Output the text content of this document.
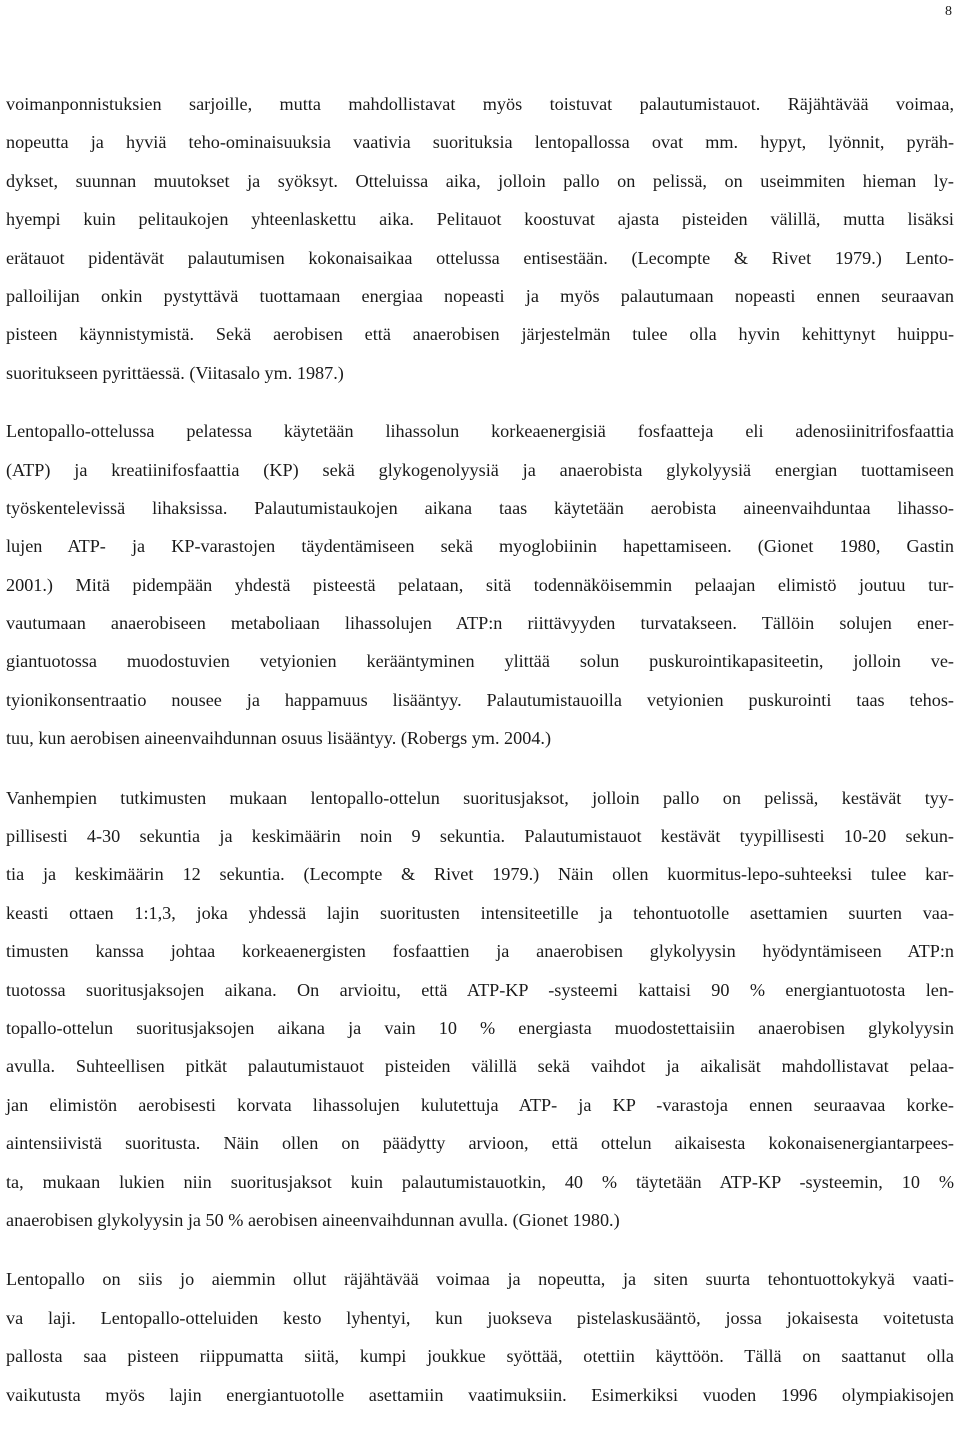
8

voimanponnistuksien sarjoille, mutta mahdollistavat myös toistuvat palautumistauot. Räjähtävää voimaa,
nopeutta ja hyviä teho-ominaisuuksia vaativia suorituksia lentopallossa ovat mm. hypyt, lyönnit, pyräh-
dykset, suunnan muutokset ja syöksyt. Otteluissa aika, jolloin pallo on pelissä, on useimmiten hieman ly-
hyempi kuin pelitaukojen yhteenlaskettu aika. Pelitauot koostuvat ajasta pisteiden välillä, mutta lisäksi
erätauot pidentävät palautumisen kokonaisaikaa ottelussa entisestään. (Lecompte & Rivet 1979.) Lento-
palloilijan onkin pystyttävä tuottamaan energiaa nopeasti ja myös palautumaan nopeasti ennen seuraavan
pisteen käynnistymistä. Sekä aerobisen että anaerobisen järjestelmän tulee olla hyvin kehittynyt huippu-
suoritukseen pyrittäessä. (Viitasalo ym. 1987.)

Lentopallo-ottelussa pelatessa käytetään lihassolun korkeaenergisiä fosfaatteja eli adenosiinitrifosfaattia
(ATP) ja kreatiinifosfaattia (KP) sekä glykogenolyysiä ja anaerobista glykolyysiä energian tuottamiseen
työskentelevissä lihaksissa. Palautumistaukojen aikana taas käytetään aerobista aineenvaihduntaa lihasso-
lujen ATP- ja KP-varastojen täydentämiseen sekä myoglobiinin hapettamiseen. (Gionet 1980, Gastin
2001.) Mitä pidempään yhdestä pisteestä pelataan, sitä todennäköisemmin pelaajan elimistö joutuu tur-
vautumaan anaerobiseen metaboliaan lihassolujen ATP:n riittävyyden turvatakseen. Tällöin solujen ener-
giantuotossa muodostuvien vetyionien kerääntyminen ylittää solun puskurointikapasiteetin, jolloin ve-
tyionikonsentraatio nousee ja happamuus lisääntyy. Palautumistauoilla vetyionien puskurointi taas tehos-
tuu, kun aerobisen aineenvaihdunnan osuus lisääntyy. (Robergs ym. 2004.)

Vanhempien tutkimusten mukaan lentopallo-ottelun suoritusjaksot, jolloin pallo on pelissä, kestävät tyy-
pillisesti 4-30 sekuntia ja keskimäärin noin 9 sekuntia. Palautumistauot kestävät tyypillisesti 10-20 sekun-
tia ja keskimäärin 12 sekuntia. (Lecompte & Rivet 1979.) Näin ollen kuormitus-lepo-suhteeksi tulee kar-
keasti ottaen 1:1,3, joka yhdessä lajin suoritusten intensiteetille ja tehontuotolle asettamien suurten vaa-
timusten kanssa johtaa korkeaenergisten fosfaattien ja anaerobisen glykolyysin hyödyntämiseen ATP:n
tuotossa suoritusjaksojen aikana. On arvioitu, että ATP-KP -systeemi kattaisi 90 % energiantuotosta len-
topallo-ottelun suoritusjaksojen aikana ja vain 10 % energiasta muodostettaisiin anaerobisen glykolyysin
avulla. Suhteellisen pitkät palautumistauot pisteiden välillä sekä vaihdot ja aikalisät mahdollistavat pelaa-
jan elimistön aerobisesti korvata lihassolujen kulutettuja ATP- ja KP -varastoja ennen seuraavaa korke-
aintensiivistä suoritusta. Näin ollen on päädytty arvioon, että ottelun aikaisesta kokonaisenergiantarpees-
ta, mukaan lukien niin suoritusjaksot kuin palautumistauotkin, 40 % täytetään ATP-KP -systeemin, 10 %
anaerobisen glykolyysin ja 50 % aerobisen aineenvaihdunnan avulla. (Gionet 1980.)

Lentopallo on siis jo aiemmin ollut räjähtävää voimaa ja nopeutta, ja siten suurta tehontuottokykyä vaati-
va laji. Lentopallo-otteluiden kesto lyhentyi, kun juokseva pistelaskusääntö, jossa jokaisesta voitetusta
pallosta saa pisteen riippumatta siitä, kumpi joukkue syöttää, otettiin käyttöön. Tällä on saattanut olla
vaikutusta myös lajin energiantuotolle asettamiin vaatimuksiin. Esimerkiksi vuoden 1996 olympiakisojen
